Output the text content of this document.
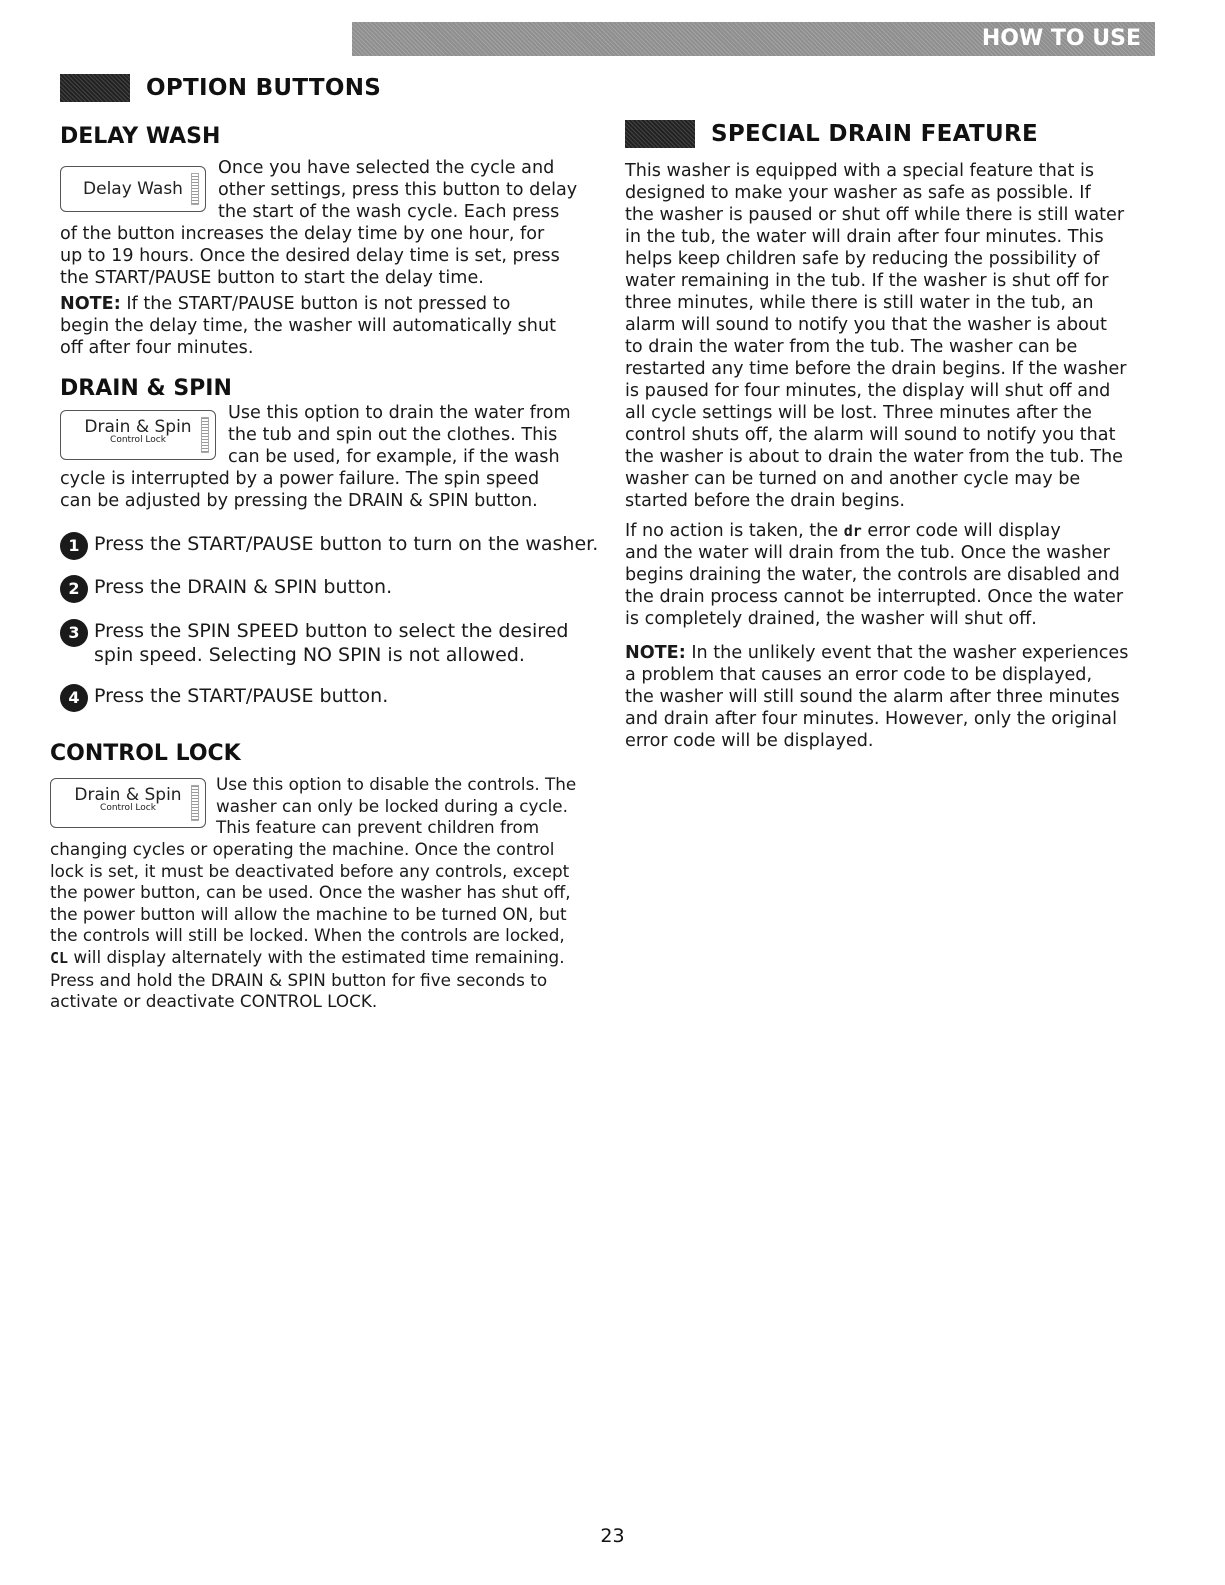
HOW TO USE
OPTION BUTTONS
DELAY WASH
Delay Wash
Once you have selected the cycle and
other settings, press this button to delay
the start of the wash cycle. Each press
of the button increases the delay time by one hour, for
up to 19 hours. Once the desired delay time is set, press
the START/PAUSE button to start the delay time.
NOTE: If the START/PAUSE button is not pressed to
begin the delay time, the washer will automatically shut
off after four minutes.
DRAIN & SPIN
Drain & Spin
Control Lock
Use this option to drain the water from
the tub and spin out the clothes. This
can be used, for example, if the wash
cycle is interrupted by a power failure. The spin speed
can be adjusted by pressing the DRAIN & SPIN button.
1 Press the START/PAUSE button to turn on the washer.
2 Press the DRAIN & SPIN button.
3 Press the SPIN SPEED button to select the desired
spin speed. Selecting NO SPIN is not allowed.
4 Press the START/PAUSE button.
CONTROL LOCK
Drain & Spin
Control Lock
Use this option to disable the controls. The
washer can only be locked during a cycle.
This feature can prevent children from
changing cycles or operating the machine. Once the control
lock is set, it must be deactivated before any controls, except
the power button, can be used. Once the washer has shut off,
the power button will allow the machine to be turned ON, but
the controls will still be locked. When the controls are locked,
CL will display alternately with the estimated time remaining.
Press and hold the DRAIN & SPIN button for five seconds to
activate or deactivate CONTROL LOCK.
SPECIAL DRAIN FEATURE
This washer is equipped with a special feature that is
designed to make your washer as safe as possible. If
the washer is paused or shut off while there is still water
in the tub, the water will drain after four minutes. This
helps keep children safe by reducing the possibility of
water remaining in the tub. If the washer is shut off for
three minutes, while there is still water in the tub, an
alarm will sound to notify you that the washer is about
to drain the water from the tub. The washer can be
restarted any time before the drain begins. If the washer
is paused for four minutes, the display will shut off and
all cycle settings will be lost. Three minutes after the
control shuts off, the alarm will sound to notify you that
the washer is about to drain the water from the tub. The
washer can be turned on and another cycle may be
started before the drain begins.
If no action is taken, the dr error code will display
and the water will drain from the tub. Once the washer
begins draining the water, the controls are disabled and
the drain process cannot be interrupted. Once the water
is completely drained, the washer will shut off.
NOTE: In the unlikely event that the washer experiences
a problem that causes an error code to be displayed,
the washer will still sound the alarm after three minutes
and drain after four minutes. However, only the original
error code will be displayed.
23
